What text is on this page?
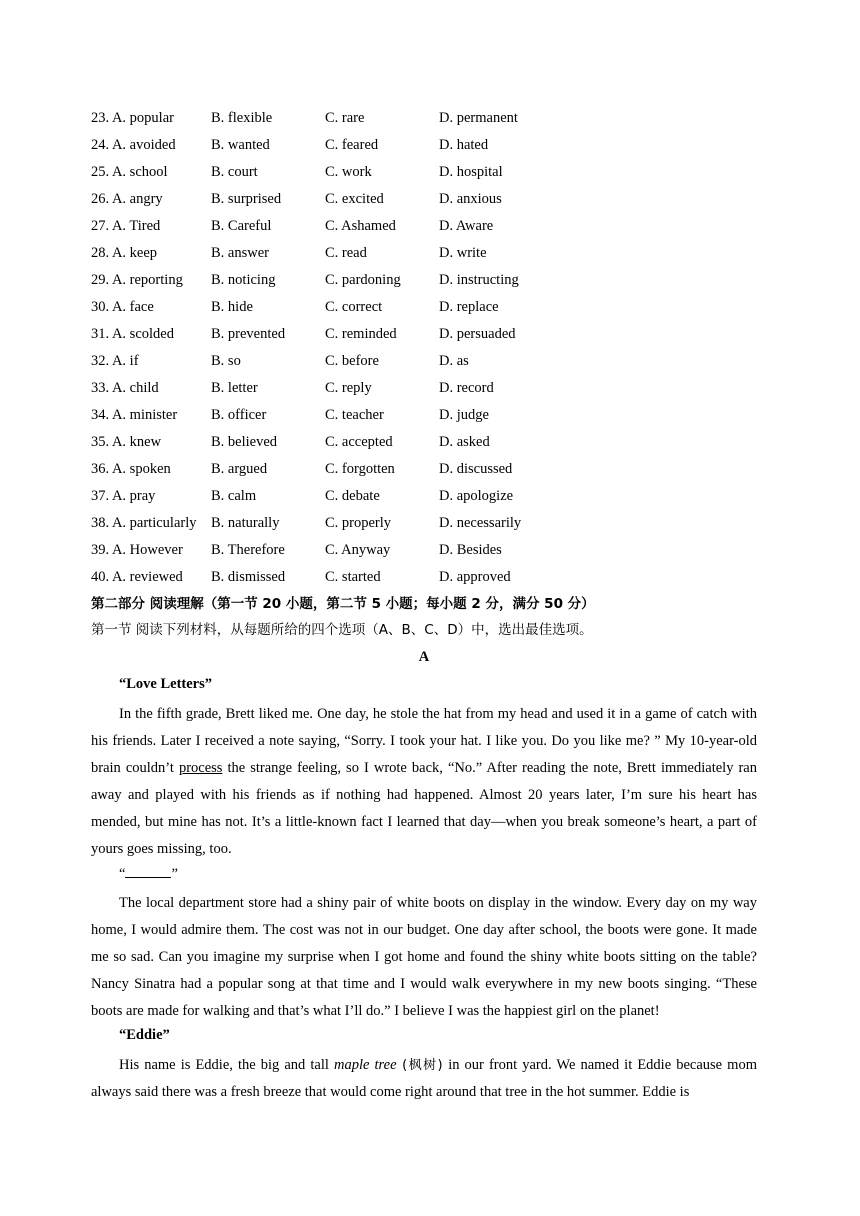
23. A. popular	B. flexible	C. rare	D. permanent
24. A. avoided B. wanted	C. feared	D. hated
25. A. school	B. court	C. work	D. hospital
26. A. angry	B. surprised	C. excited	D. anxious
27. A. Tired	B. Careful	C. Ashamed	D. Aware
28. A. keep	B. answer	C. read	D. write
29. A. reporting B. noticing	C. pardoning	D. instructing
30. A. face	B. hide	C. correct	D. replace
31. A. scolded	B. prevented	C. reminded	D. persuaded
32. A. if	B. so	C. before	D. as
33. A. child	B. letter	C. reply	D. record
34. A. minister B. officer	C. teacher	D. judge
35. A. knew	B. believed	C. accepted	D. asked
36. A. spoken	B. argued	C. forgotten	D. discussed
37. A. pray	B. calm	C. debate	D. apologize
38. A. particularly B. naturally	C. properly	D. necessarily
39. A. However B. Therefore	C. Anyway	D. Besides
40. A. reviewed B. dismissed	C. started	D. approved
第二部分 阅读理解（第一节 20 小题，第二节 5 小题；每小题 2 分，满分 50 分）
第一节 阅读下列材料，从每题所给的四个选项（A、B、C、D）中，选出最佳选项。
A
“Love Letters”

In the fifth grade, Brett liked me. One day, he stole the hat from my head and used it in a game of catch with his friends. Later I received a note saying, “Sorry. I took your hat. I like you. Do you like me? ” My 10-year-old brain couldn’t process the strange feeling, so I wrote back, “No.” After reading the note, Brett immediately ran away and played with his friends as if nothing had happened. Almost 20 years later, I’m sure his heart has mended, but mine has not. It’s a little-known fact I learned that day—when you break someone’s heart, a part of yours goes missing, too.

“	”

The local department store had a shiny pair of white boots on display in the window. Every day on my way home, I would admire them. The cost was not in our budget. One day after school, the boots were gone. It made me so sad. Can you imagine my surprise when I got home and found the shiny white boots sitting on the table? Nancy Sinatra had a popular song at that time and I would walk everywhere in my new boots singing. “These boots are made for walking and that’s what I’ll do.” I believe I was the happiest girl on the planet!

“Eddie”

His name is Eddie, the big and tall maple tree (枫树) in our front yard. We named it Eddie because mom always said there was a fresh breeze that would come right around that tree in the hot summer. Eddie is
